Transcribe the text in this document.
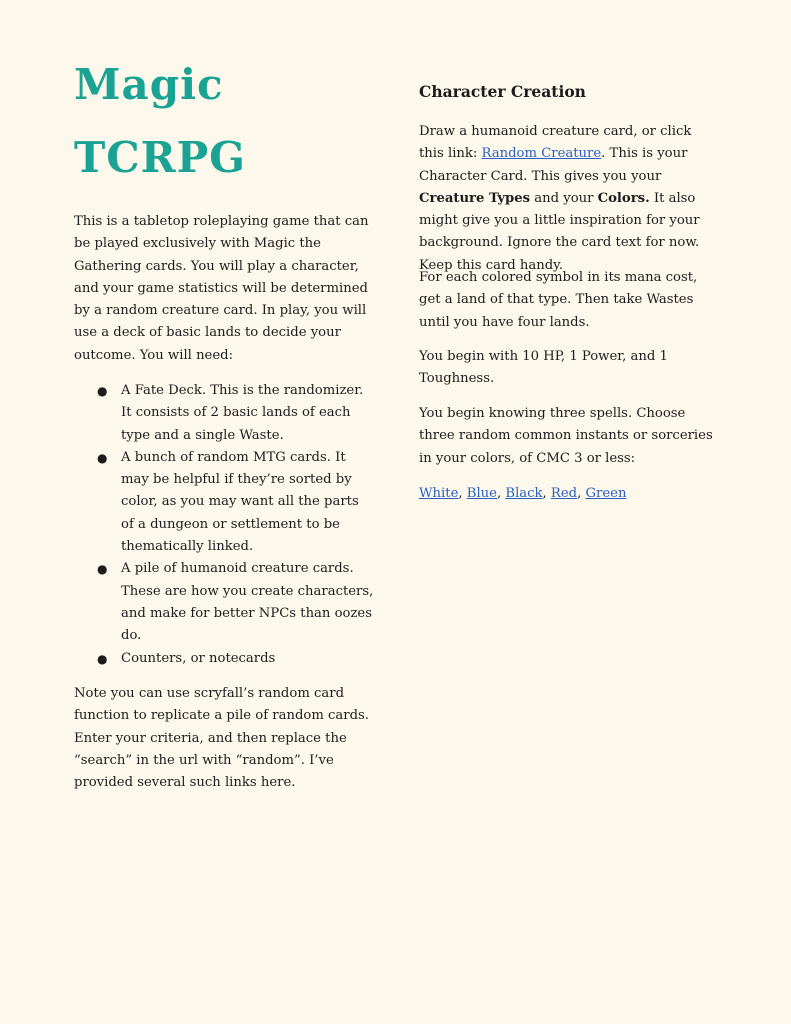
Magic
TCRPG

This is a tabletop roleplaying game that can be played exclusively with Magic the Gathering cards. You will play a character, and your game statistics will be determined by a random creature card. In play, you will use a deck of basic lands to decide your outcome. You will need:

● A Fate Deck. This is the randomizer. It consists of 2 basic lands of each type and a single Waste.
● A bunch of random MTG cards. It may be helpful if they’re sorted by color, as you may want all the parts of a dungeon or settlement to be thematically linked.
● A pile of humanoid creature cards. These are how you create characters, and make for better NPCs than oozes do.
● Counters, or notecards

Note you can use scryfall’s random card function to replicate a pile of random cards. Enter your criteria, and then replace the “search” in the url with “random”. I’ve provided several such links here.

Character Creation

Draw a humanoid creature card, or click this link: Random Creature. This is your Character Card. This gives you your Creature Types and your Colors. It also might give you a little inspiration for your background. Ignore the card text for now. Keep this card handy.

For each colored symbol in its mana cost, get a land of that type. Then take Wastes until you have four lands.

You begin with 10 HP, 1 Power, and 1 Toughness.

You begin knowing three spells. Choose three random common instants or sorceries in your colors, of CMC 3 or less:

White, Blue, Black, Red, Green
